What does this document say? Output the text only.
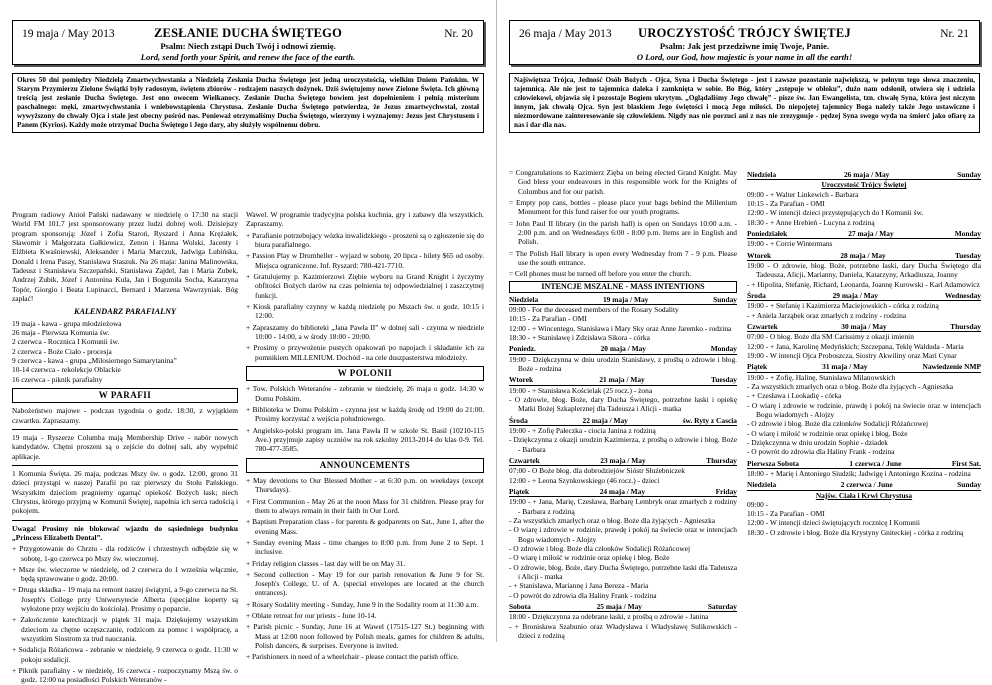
19 maja / May 2013	ZESŁANIE DUCHA ŚWIĘTEGO	Nr. 20
Psalm: Niech zstąpi Duch Twój i odnowi ziemię.
Lord, send forth your Spirit, and renew the face of the earth.
Okres 50 dni pomiędzy Niedzielą Zmartwychwstania a Niedzielą Zesłania Ducha Świętego jest jedną uroczystością, wielkim Dniem Pańskim. W Starym Przymierzu Zielone Świątki były radosnym, świętem zbiorów - rodzajem naszych dożynek. Dziś świętujemy nowe Zielone Święta. Ich główną treścią jest zesłanie Ducha Świętego. Jest ono owocem Wielkanocy. Zesłanie Ducha Świętego bowiem jest dopełnieniem i pełnią misterium paschalnego: męki, zmartwychwstania i wniebowstąpienia Chrystusa. Zesłanie Ducha Świętego potwierdza, że Jezus zmartwychwstał, został wywyższony do chwały Ojca i stale jest obecny pośród nas. Ponieważ otrzymaliśmy Ducha Świętego, wierzymy i wyznajemy: Jezus jest Chrystusem i Panem (Kyrios). Każdy może otrzymać Ducha Świętego i Jego dary, aby służyły wspólnemu dobru.

Program radiowy Anioł Pański nadawany w niedzielę o 17:30 na stacji World FM 101.7 jest sponsorowany przez ludzi dobrej woli. Dzisiejszy program sponsorują: Józef i Zofia Staroń, Ryszard i Anna Krężałek, Sławomir i Małgorzata Gałkiewicz, Zenon i Hanna Wolski, Jacenty i Elżbieta Kwaśniewski, Aleksander i Maria Marczuk, Jadwiga Lubińska, Donald i Irena Pasay, Stanisława Staszuk. Na 26 maja: Janina Malinowska, Tadeusz i Stanisława Szczepański, Stanisława Zajdel, Jan i Maria Zubek, Andrzej Zubik, Józef i Antonina Kula, Jan i Bogumiła Socha, Katarzyna Topór, Giorgio i Beata Lupinacci, Bernard i Marzena Wawrzyniak. Bóg zapłać!

KALENDARZ PARAFIALNY
19 maja - kawa - grupa młodzieżowa
26 maja - Pierwsza Komunia św.
2 czerwca - Rocznica I Komunii św.
2 czerwca - Boże Ciało - procesja
9 czerwca - kawa - grupa „Milosiernego Samarytanina”
10-14 czerwca - rekolekcje Oblackie
16 czerwca - piknik parafialny
W PARAFII

Nabożeństwo majowe - podczas tygodnia o godz. 18:30, z wyjątkiem czwartku. Zapraszamy.

19 maja - Ryszerze Columba mają Membership Drive - nabór nowych kandydatów. Chętni proszeni są o zejście do dolnej sali, aby wypełnić aplikacje.

1 Komunia Święta. 26 maja, podczas Mszy św. o godz. 12:00, grono 31 dzieci przystąpi w naszej Parafii po raz pierwszy do Stołu Pańskiego. Wszystkim dzieciom pragniemy ogarnąć opiekość Bożych łask; niech Chrystus, którego przyjmą w Komunii Świętej, napełnia ich serca radością i pokojem.

Uwaga! Prosimy nie blokować wjazdu do sąsiedniego budynku „Princess Elizabeth Dental”.

+ Przygotowanie do Chrztu - dla rodziców i chrzestnych odbędzie się w sobotę, 1-go czerwca po Mszy św. wieczornej.
+ Msze św. wieczorne w niedzielę, od 2 czerwca do 1 września włącznie, będą sprawowane o godz. 20:00.
+ Druga składka - 19 maja na remont naszej świątyni, a 9-go czerwca na St. Joseph's College przy Uniwersytecie Alberta (specjalne koperty są wyłożone przy wejściu do kościoła). Prosimy o poparcie.
+ Zakończenie katechizacji w piątek 31 maja. Dziękujemy wszystkim dzieciom za chętne uczęszczanie, rodzicom za pomoc i współpracę, a wszystkim Siostrom za trud nauczania.
+ Sodalicja Różańcowa - zebranie w niedzielę, 9 czerwca o godz. 11:30 w pokoju sodalicji.
+ Piknik parafialny - w niedzielę, 16 czerwca - rozpoczynamy Mszą św. o godz. 12:00 na posiadłości Polskich Weteranów -

Wawel. W programie tradycyjna polska kuchnia, gry i zabawy dla wszystkich. Zapraszamy.

+ Parafianie potrzebujący wózka inwalidzkiego - proszeni są o zgłoszenie się do biura parafialnego.
+ Passion Play w Drumheller - wyjazd w sobotę, 20 lipca - bilety $65 od osoby. Miejsca ograniczone. Inf. Ryszard: 780-421-7710.
+ Gratulujemy p. Kazimierzowi Ziębie wyboru na Grand Knight i życzymy obfitości Bożych darów na czas pełnienia tej odpowiedzialnej i zaszczytnej funkcji.
+ Kiosk parafialny czynny w każdą niedzielę po Mszach św. o godz. 10:15 i 12:00.
+ Zapraszamy do biblioteki „Jana Pawła II” w dolnej sali - czynna w niedziele 10:00 - 14:00, a w środy 18:00 - 20:00.
+ Prosimy o przywożenie pustych opakowań po napojach i składanie ich za pomnikiem MILLENIUM. Dochód - na cele duszpasterstwa młodzieży.
W POLONII
+ Tow. Polskich Weteranów - zebranie w niedzielę, 26 maja o godz. 14:30 w Domu Polskim.
+ Biblioteka w Domu Polskim - czynna jest w każdą środę od 19:00 do 21:00. Prosimy korzystać z wejścia południowego.
+ Angielsko-polski program im. Jana Pawła II w szkole St. Basil (10210-115 Ave.) przyjmuje zapisy uczniów na rok szkolny 2013-2014 do klas 0-9. Tel. 780-477-3585.
ANNOUNCEMENTS
+ May devotions to Our Blessed Mother - at 6:30 p.m. on weekdays (except Thursdays).
+ First Communion - May 26 at the noon Mass for 31 children. Please pray for them to always remain in their faith in Our Lord.
+ Baptism Preparation class - for parents & godparents on Sat., June 1, after the evening Mass.
+ Sunday evening Mass - time changes to 8:00 p.m. from June 2 to Sept. 1 inclusive.
+ Friday religion classes - last day will be on May 31.
+ Second collection - May 19 for our parish renovation & June 9 for St. Joseph's College, U. of A. (special envelopes are located at the church entrances).
+ Rosary Sodality meeting - Sunday, June 9 in the Sodality room at 11:30 a.m.
+ Oblate retreat for our priests - June 10-14.
+ Parish picnic - Sunday, June 16 at Wawel (17515-127 St.) beginning with Mass at 12:00 noon followed by Polish meals, games for children & adults, Polish dancers, & surprises. Everyone is invited.
+ Parishioners in need of a wheelchair - please contact the parish office.
26 maja / May 2013	UROCZYSTOŚĆ TRÓJCY ŚWIĘTEJ	Nr. 21
Psalm: Jak jest przedziwne imię Twoje, Panie.
O Lord, our God, how majestic is your name in all the earth!
Najświętsza Trójca, Jedność Osób Bożych - Ojca, Syna i Ducha Świętego - jest i zawsze pozostanie największą, w pełnym tego słowa znaczeniu, tajemnicą. Ale nie jest to tajemnica daleka i zamknięta w sobie. Bo Bóg, który „zstępuje w obłoku”, dużo nam odsłonił, otwiera się i udziela człowiekowi, objawia się i pozostaje Bogiem ukrytym. „Oglądaliśmy Jego chwałę” - pisze św. Jan Ewangelista, tzn. chwałę Syna, która jest niczym innym, jak chwałą Ojca. Syn jest blaskiem Jego świętości i mocą Jego miłości. Do niepojętej tajemnicy Boga należy także Jego ustawiczne i niezmordowane zainteresowanie się człowiekiem. Nigdy nas nie porzuci ani z nas nie zrezygnuje - pędzej Syna swego wyda na śmierć jako ofiarę za nas i dar dla nas.
= Congratulations to Kazimierz Zięba on being elected Grand Knight. May God bless your endeavours in this responsible work for the Knights of Columbus and for our parish.
= Empty pop cans, bottles - please place your bags behind the Millenium Monument for this fund raiser for our youth programs.
= John Paul II library (in the parish hall) is open on Sundays 10:00 a.m. - 2:00 p.m. and on Wednesdays 6:00 - 8:00 p.m. Items are in English and Polish.
= The Polish Hall library is open every Wednesday from 7 - 9 p.m. Please use the south entrance.
= Cell phones must be turned off before you enter the church.
INTENCJE MSZALNE - MASS INTENTIONS
Niedziela	19 maja / May	Sunday
09:00 - For the deceased members of the Rosary Sodality
10:15 - Za Parafian - OMI
12:00 - + Wincentego, Stanisława i Mary Sky oraz Anne Jaremko - rodzina
18:30 - + Stanisławę i Zdzisława Sikora - córka
Poniedz.	20 maja / May	Monday
19:00 - Dziękczynna w dniu urodzin Stanisławy, z prośbą o zdrowie i błog. Boże - rodzina
Wtorek	21 maja / May	Tuesday
19:00 - + Stanisława Kościelak (25 rocz.) - żona
- O zdrowie, błog. Boże, dary Ducha Świętego, potrzebne łaski i opiekę Matki Bożej Szkaplerznej dla Tadeusza i Alicji - matka
Środa	22 maja / May	św. Ryty z Cascia
19:00 - + Zofię Pałeczka - ciocia Janina z rodziną
- Dziękczynna z okazji urodzin Kazimierza, z prośbą o zdrowie i błog. Boże - Barbara
Czwartek	23 maja / May	Thursday
07:00 - O Boże błog. dla dobrodziejów Sióstr Służebniczek
12:00 - + Leona Szynkowskiego (46 rocz.) - dzieci
Piątek	24 maja / May	Friday
19:00 - + Jana, Marię, Czesława, Barbarę Lembryk oraz zmarłych z rodziny - Barbara z rodziną
- Za wszystkich zmarłych oraz o błog. Boże dla żyjących - Agnieszka
- O wiarę i zdrowie w rodzinie, prawdę i pokój na świecie oraz w intencjach Bogu wiadomych - Alojzy
- O zdrowie i błog. Boże dla członków Sodalicji Różańcowej
- O wiarę i miłość w rodzinie oraz opiekę i błog. Boże
- O zdrowie, błog. Boże, dary Ducha Świętego, potrzebne łaski dla Tadeusza i Alicji - matka
- + Stanisława, Mariannę i Jana Bereza - Maria
- O powrót do zdrowia dla Haliny Frank - rodzina
Sobota	25 maja / May	Saturday
18:00 - Dziękczynna za odebrane łaski, z prośbą o zdrowie - Janina
- + Bronisława Szabunio oraz Władysława i Władysławę Sulikowskich - dzieci z rodziną
Niedziela	26 maja / May	Sunday
Uroczystość Trójcy Świętej
09:00 - + Walter Linkewich - Barbara
10:15 - Za Parafian - OMI
12:00 - W intencji dzieci przystępujących do I Komunii św.
18:30 - + Anne Hrebień - Lucyna z rodziną
Poniedziałek	27 maja / May	Monday
19:00 - + Corrie Wintermans
Wtorek	28 maja / May	Tuesday
19:00 - O zdrowie, błog. Boże, potrzebne łaski, dary Ducha Świętego dla Tadeusza, Alicji, Marianny, Daniela, Katarzyny, Arkadiusza, Joanny
- + Hipolita, Stefanię, Richard, Leonarda, Joannę Kurowski - Karl Adamowicz
Środa	29 maja / May	Wednesday
19:00 - + Stefanię i Kazimierza Maciejowskich - córka z rodziną
- + Aniela Jarząbek oraz zmarłych z rodziny - rodzina
Czwartek	30 maja / May	Thursday
07:00 - O błog. Boże dla SM Carissimy z okazji imienin
12:00 - + Jana, Karolinę Medyńskich; Szczepana, Teklę Walduda - Maria
19:00 - W intencji Ojca Proboszcza, Siostry Akwiliny oraz Mari Cynar
Piątek	31 maja / May	Nawiedzenie NMP
19:00 - + Zofię, Halinę, Stanisława Milanowskich
- Za wszystkich zmarłych oraz o błog. Boże dla żyjących - Agnieszka
- + Czesława i Leokadię - córka
- O wiarę i zdrowie w rodzinie, prawdę i pokój na świecie oraz w intencjach Bogu wiadomych - Alojzy
- O zdrowie i błog. Boże dla członków Sodalicji Różańcowej
- O wiarę i miłość w rodzinie oraz opiekę i błog. Boże
- Dziękczynna w dniu urodzin Sophie - dziadek
- O powrót do zdrowia dla Haliny Frank - rodzina
Pierwsza Sobota	1 czerwca / June	First Sat.
18:00 - + Marię i Antoniego Siudzik; Jadwigę i Antoniego Kozina - rodzina
Niedziela	2 czerwca / June	Sunday
Najśw. Ciała i Krwi Chrystusa
09:00 -
10:15 - Za Parafian - OMI
12:00 - W intencji dzieci świętujących rocznicę I Komunii
18:30 - O zdrowie i błog. Boże dla Krystyny Gniteckiej - córka z rodziną
